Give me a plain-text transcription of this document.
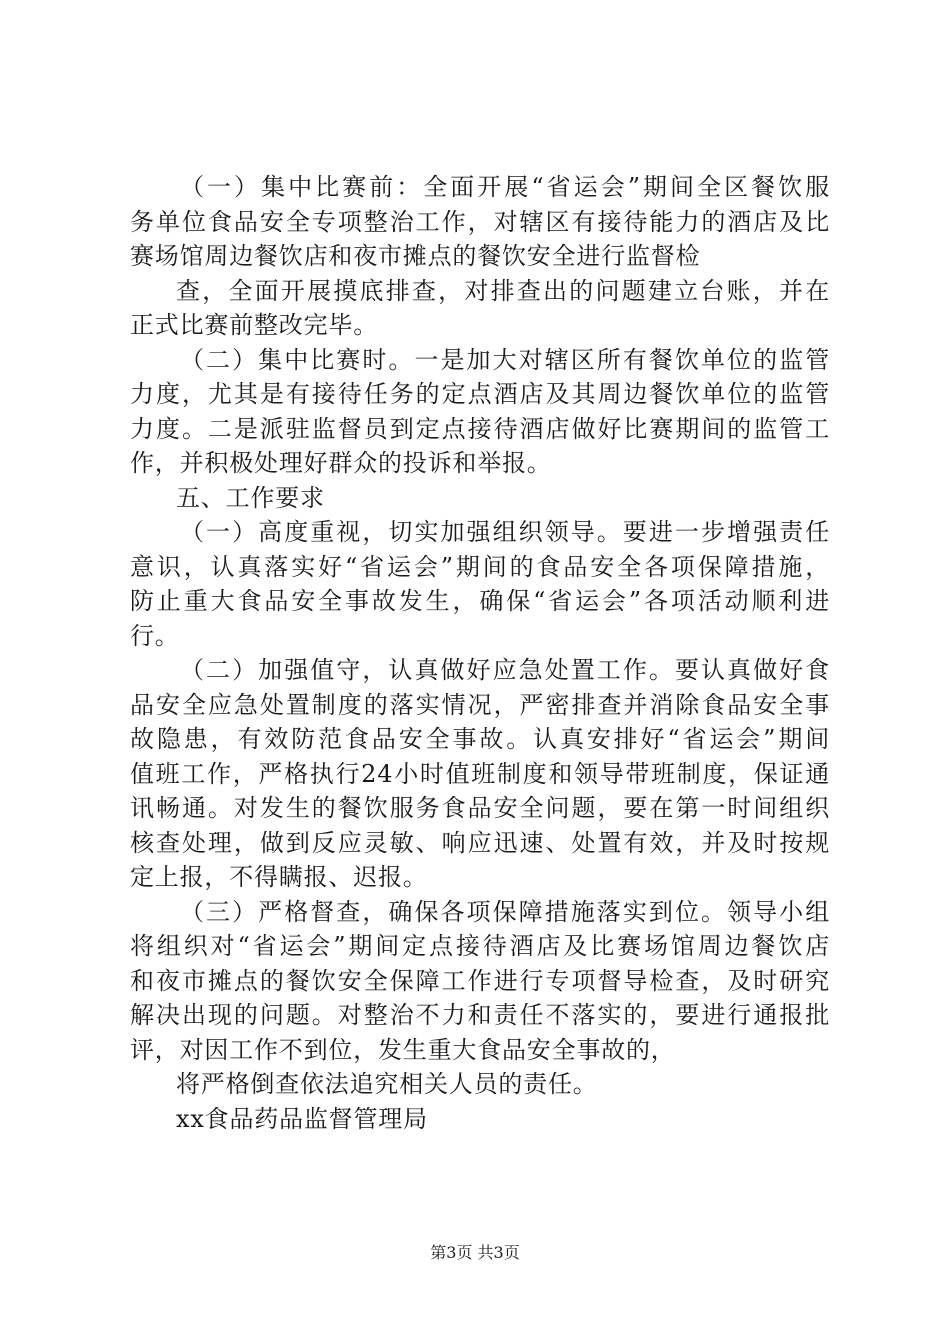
（一）集中比赛前：全面开展“省运会”期间全区餐饮服
务单位食品安全专项整治工作，对辖区有接待能力的酒店及比
赛场馆周边餐饮店和夜市摊点的餐饮安全进行监督检
查，全面开展摸底排查，对排查出的问题建立台账，并在
正式比赛前整改完毕。
（二）集中比赛时。一是加大对辖区所有餐饮单位的监管
力度，尤其是有接待任务的定点酒店及其周边餐饮单位的监管
力度。二是派驻监督员到定点接待酒店做好比赛期间的监管工
作，并积极处理好群众的投诉和举报。
五、工作要求
（一）高度重视，切实加强组织领导。要进一步增强责任
意识，认真落实好“省运会”期间的食品安全各项保障措施，
防止重大食品安全事故发生，确保“省运会”各项活动顺利进
行。
（二）加强值守，认真做好应急处置工作。要认真做好食
品安全应急处置制度的落实情况，严密排查并消除食品安全事
故隐患，有效防范食品安全事故。认真安排好“省运会”期间
值班工作，严格执行24小时值班制度和领导带班制度，保证通
讯畅通。对发生的餐饮服务食品安全问题，要在第一时间组织
核查处理，做到反应灵敏、响应迅速、处置有效，并及时按规
定上报，不得瞒报、迟报。
（三）严格督查，确保各项保障措施落实到位。领导小组
将组织对“省运会”期间定点接待酒店及比赛场馆周边餐饮店
和夜市摊点的餐饮安全保障工作进行专项督导检查，及时研究
解决出现的问题。对整治不力和责任不落实的，要进行通报批
评，对因工作不到位，发生重大食品安全事故的，
将严格倒查依法追究相关人员的责任。
xx食品药品监督管理局
第3页 共3页
